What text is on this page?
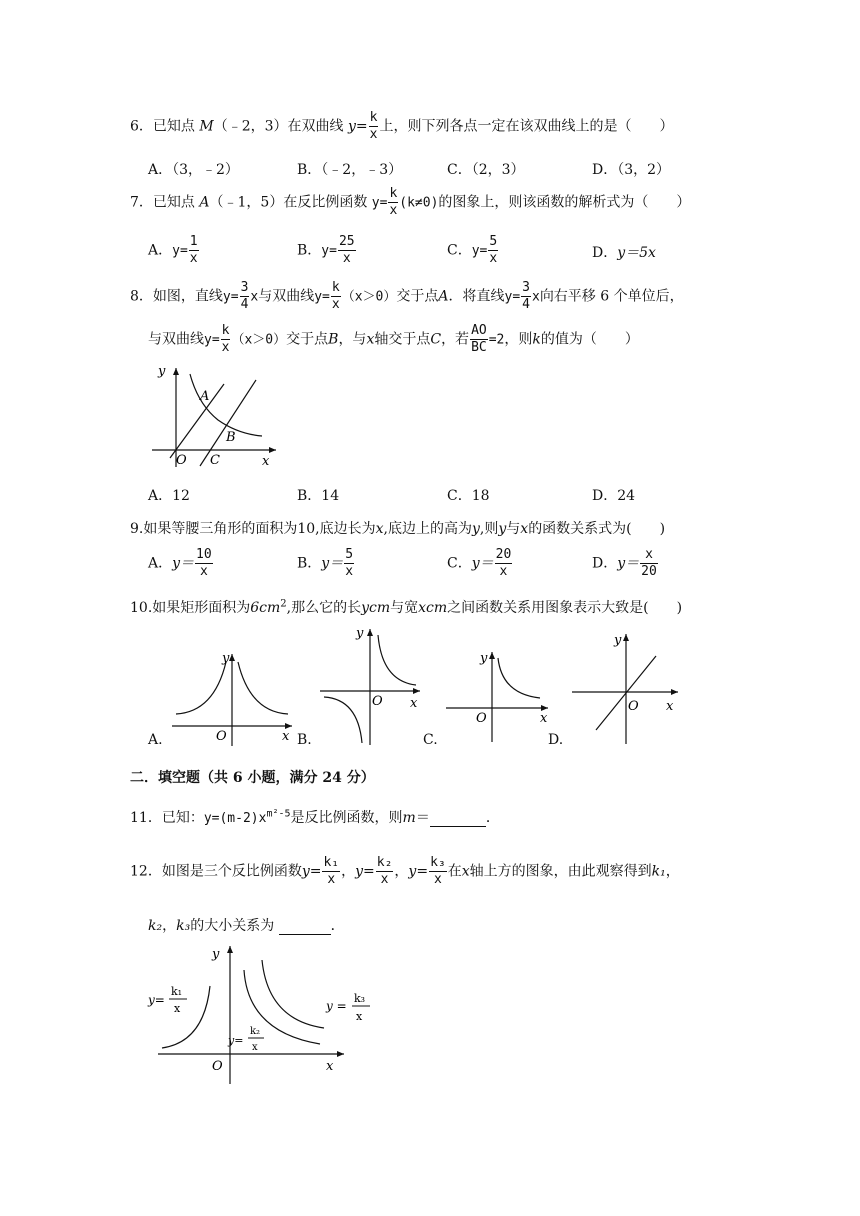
6．已知点 M（﹣2，3）在双曲线 $y= \frac{k}{x}$ 上，则下列各点一定在该双曲线上的是（　　）
A．（3，﹣2）	B．（﹣2，﹣3）	C．（2，3）	D．（3，2）
7．已知点 A（﹣1，5）在反比例函数 $y= \frac{k}{x} (k\ne 0)$的图象上，则该函数的解析式为（　　）
A．$y= \frac{1}{x}$	B．$y= \frac{25}{x}$	C．$y= \frac{5}{x}$	D．y＝5x
8．如图，直线$y= \frac{3}{4}$ x与双曲线$y= \frac{k}{x} (x>0)$交于点A．将直线$y= \frac{3}{4}$ x向右平移 6 个单位后，
与双曲线$y= \frac{k}{x} (x>0)$交于点B，与x轴交于点C，若 $\frac{AO}{BC} =2$，则k的值为（　　）
y
x
O
A
B
C
A．12	B．14	C．18	D．24
9.如果等腰三角形的面积为10,底边长为x,底边上的高为y,则y与x的函数关系式为(　　)
A．$y= \frac{10}{x}$	B．$y= \frac{5}{x}$	C．$y= \frac{20}{x}$	D．$y= \frac{x}{20}$
10.如果矩形面积为$6cm^2$,那么它的长ycm与宽xcm之间函数关系用图象表示大致是(　　)
y
O	x
A.
y
O x
B.
y
O	x
C.
y
O x
D.
二．填空题（共 6 小题，满分 24 分）
11．已知：$y=(m-2)x^{m^2-5}$是反比例函数，则m＝	．
12．如图是三个反比例函数$y= \frac{\text{k₁}}{x}$ ，$y= \frac{\text{k₂}}{x}$ ，$y= \frac{\text{k₃}}{x}$ 在x轴上方的图象，由此观察得到k₁，
k₂，k₃的大小关系为	．
y
x
O
y=
k₁
x
y=
k₂
x
y =
k₃
x
